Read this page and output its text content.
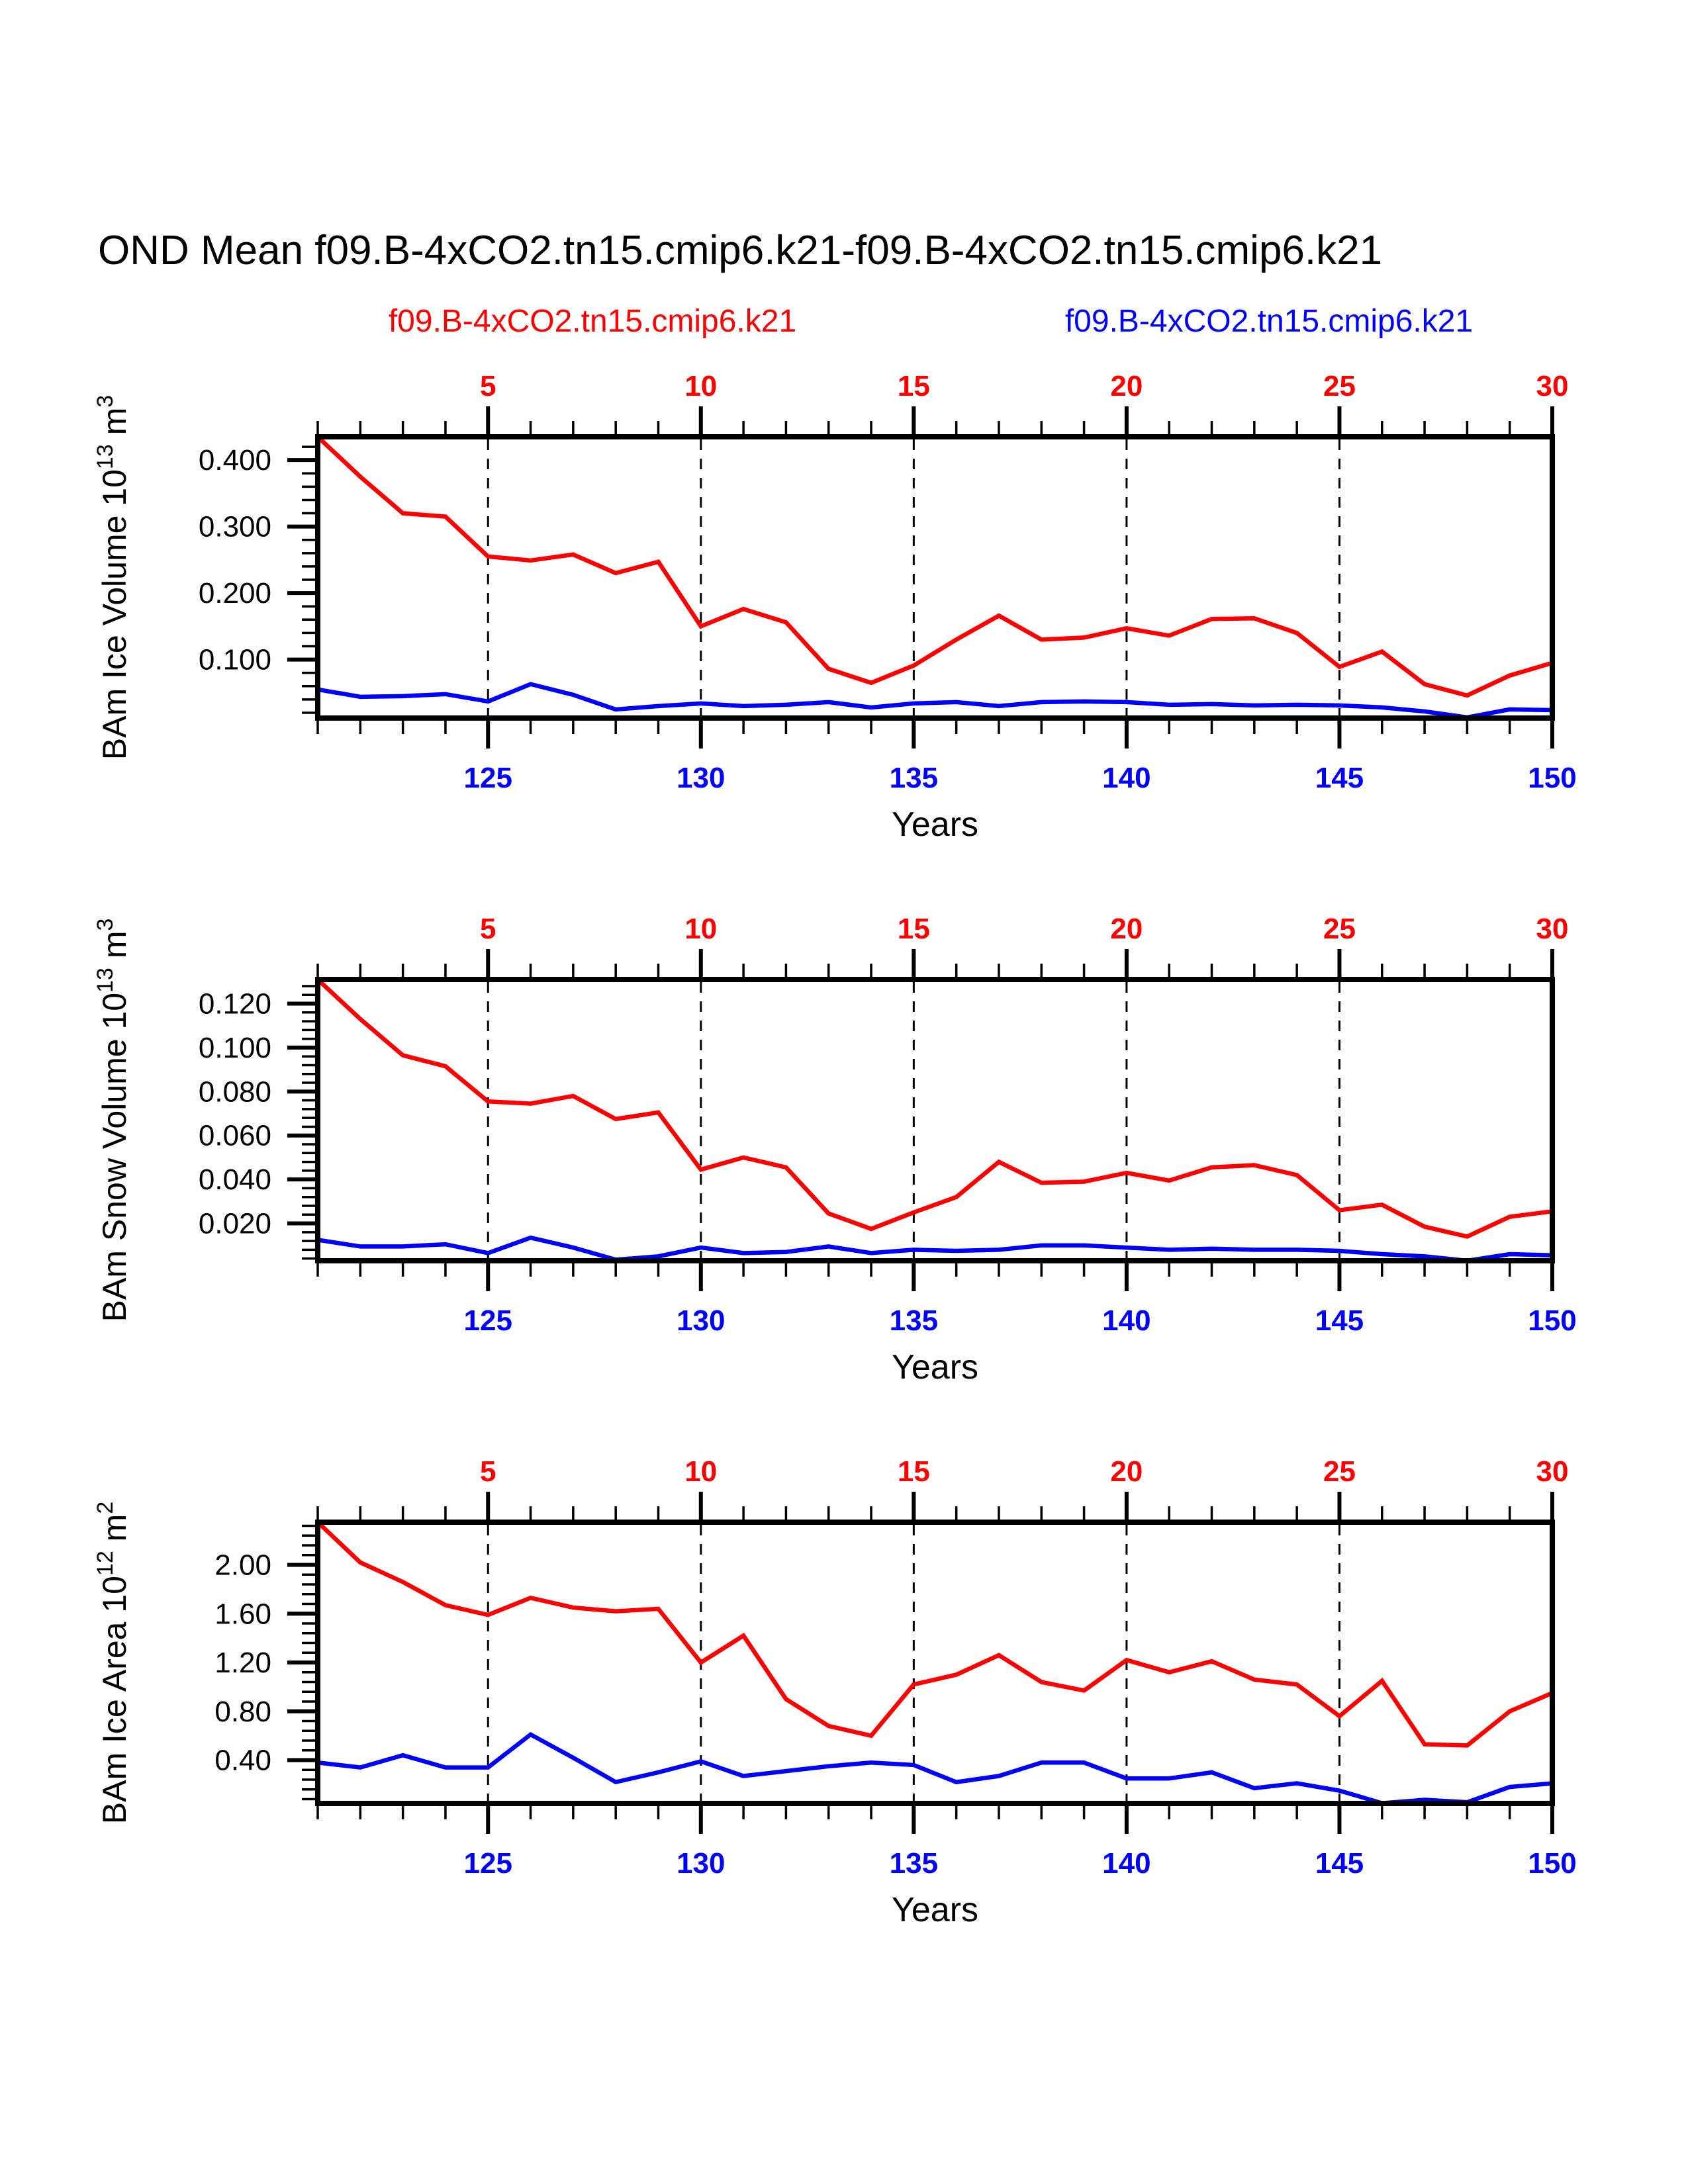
OND Mean f09.B-4xCO2.tn15.cmip6.k21-f09.B-4xCO2.tn15.cmip6.k21
f09.B-4xCO2.tn15.cmip6.k21	f09.B-4xCO2.tn15.cmip6.k21
5	10	15	20	25	30
125	130	135	140	145	150
0.400
0.300
0.200
0.100
Years
BAm Ice Volume $10^{13}$ $m^3$
5	10	15	20	25	30
125	130	135	140	145	150
0.120
0.100
0.080
0.060
0.040
0.020
Years
BAm Snow Volume $10^{13}$ $m^3$
5	10	15	20	25	30
125	130	135	140	145	150
2.00
1.60
1.20
0.80
0.40
Years
BAm Ice Area $10^{12}$ $m^2$
